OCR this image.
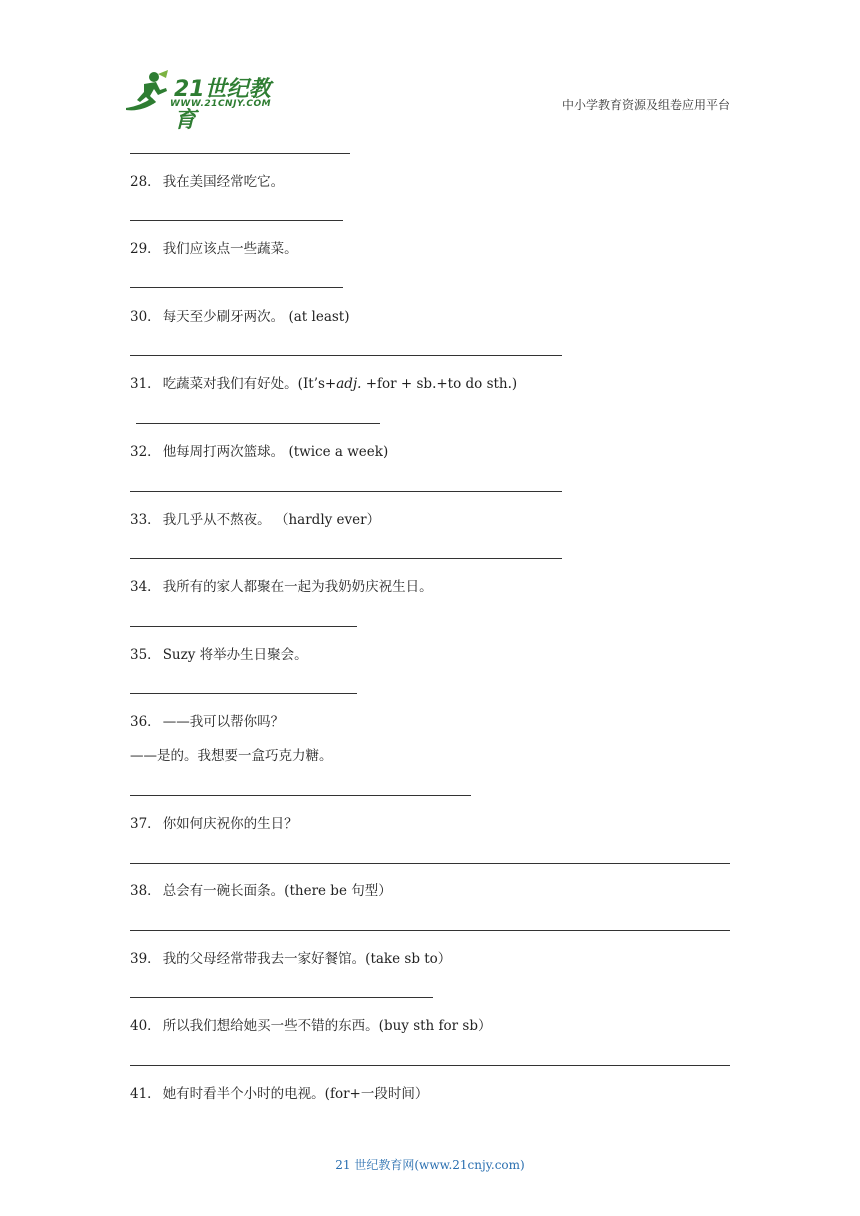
21世纪教育
WWW.21CNJY.COM	中小学教育资源及组卷应用平台
28． 我在美国经常吃它。
29． 我们应该点一些蔬菜。
30． 每天至少刷牙两次。 (at least)
31． 吃蔬菜对我们有好处。(It’s+adj. +for + sb.+to do sth.)
32． 他每周打两次篮球。 (twice a week)
33． 我几乎从不熬夜。 （hardly ever）
34． 我所有的家人都聚在一起为我奶奶庆祝生日。
35． Suzy 将举办生日聚会。
36． ——我可以帮你吗？
——是的。我想要一盒巧克力糖。
37． 你如何庆祝你的生日？
38． 总会有一碗长面条。(there be 句型）
39． 我的父母经常带我去一家好餐馆。(take sb to）
40． 所以我们想给她买一些不错的东西。(buy sth for sb）
41． 她有时看半个小时的电视。(for+一段时间）
21 世纪教育网(www.21cnjy.com)
